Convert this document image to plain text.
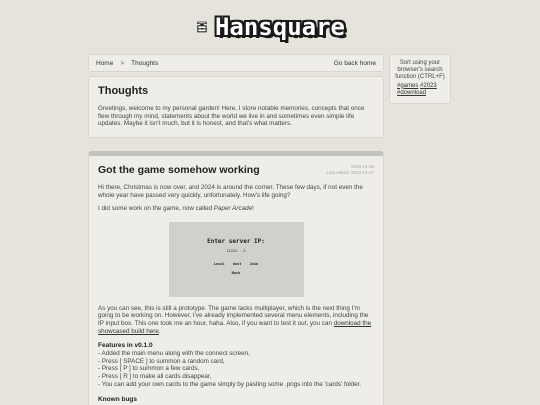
Hansquare
Home > Thoughts	Go back home
Thoughts

Greetings, welcome to my personal garden! Here, I store notable memories, concepts that once flew through my mind, statements about the world we live in and sometimes even simple life updates. Maybe it isn't much, but it is honest, and that's what matters.

Sort using your browser's search function (CTRL+F)
#games #2023
#download
Got the game somehow working	2023-12-26
Last edited: 2023-12-27

Hi there, Christmas is now over, and 2024 is around the corner. These few days, if not even the whole year have passed very quickly, unfortunately. How's life going?

I did some work on the game, now called Paper Arcade!

Enter server IP:
11222...3
Local host Join
Back

As you can see, this is still a prototype. The game lacks multiplayer, which is the next thing I'm going to be working on. However, I've already implemented several menu elements, including the IP input box. This one took me an hour, haha. Also, if you want to test it out, you can download the showcased build here.

Features in v0.1.0
- Added the main menu along with the connect screen,
- Press [ SPACE ] to summon a random card,
- Press [ P ] to summon a few cards,
- Press [ R ] to make all cards disappear,
- You can add your own cards to the game simply by pasting some .pngs into the 'cards' folder.
Known bugs
